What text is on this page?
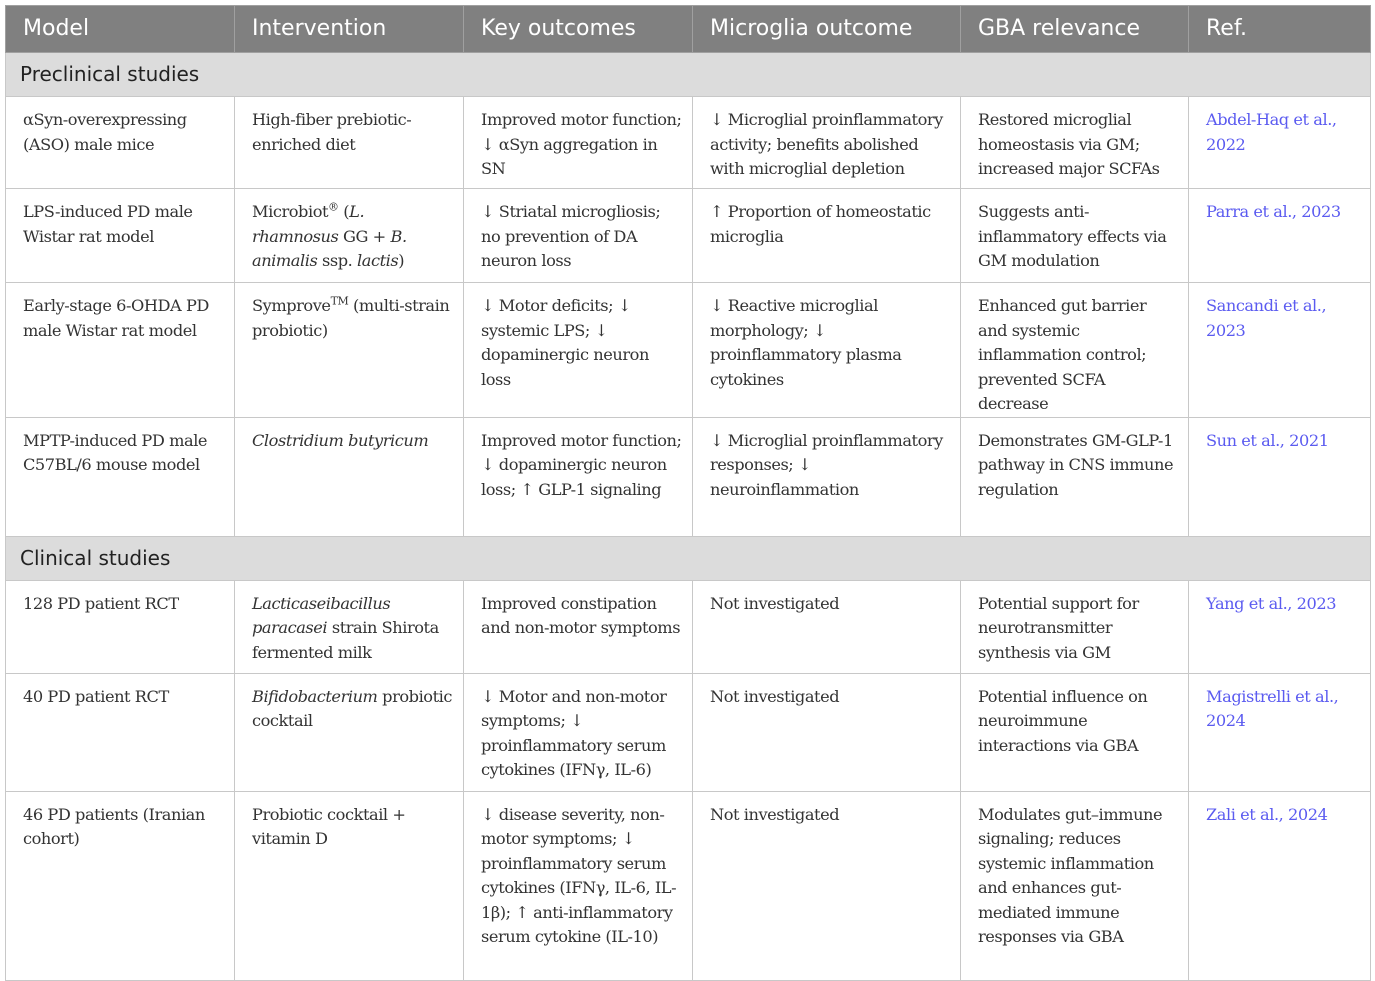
Model	Intervention	Key outcomes	Microglia outcome	GBA relevance	Ref.
Preclinical studies					
αSyn-overexpressing (ASO) male mice	High-fiber prebiotic-enriched diet	Improved motor function; ↓ αSyn aggregation in SN	↓ Microglial proinflammatory activity; benefits abolished with microglial depletion	Restored microglial homeostasis via GM; increased major SCFAs	Abdel-Haq et al., 2022
LPS-induced PD male Wistar rat model	Microbiot® (L. rhamnosus GG + B. animalis ssp. lactis)	↓ Striatal microgliosis; no prevention of DA neuron loss	↑ Proportion of homeostatic microglia	Suggests anti-inflammatory effects via GM modulation	Parra et al., 2023
Early-stage 6-OHDA PD male Wistar rat model	Symprove™ (multi-strain probiotic)	↓ Motor deficits; ↓ systemic LPS; ↓ dopaminergic neuron loss	↓ Reactive microglial morphology; ↓ proinflammatory plasma cytokines	Enhanced gut barrier and systemic inflammation control; prevented SCFA decrease	Sancandi et al., 2023
MPTP-induced PD male C57BL/6 mouse model	Clostridium butyricum	Improved motor function; ↓ dopaminergic neuron loss; ↑ GLP-1 signaling	↓ Microglial proinflammatory responses; ↓ neuroinflammation	Demonstrates GM-GLP-1 pathway in CNS immune regulation	Sun et al., 2021
Clinical studies					
128 PD patient RCT	Lacticaseibacillus paracasei strain Shirota fermented milk	Improved constipation and non-motor symptoms	Not investigated	Potential support for neurotransmitter synthesis via GM	Yang et al., 2023
40 PD patient RCT	Bifidobacterium probiotic cocktail	↓ Motor and non-motor symptoms; ↓ proinflammatory serum cytokines (IFNγ, IL-6)	Not investigated	Potential influence on neuroimmune interactions via GBA	Magistrelli et al., 2024
46 PD patients (Iranian cohort)	Probiotic cocktail + vitamin D	↓ disease severity, non-motor symptoms; ↓ proinflammatory serum cytokines (IFNγ, IL-6, IL-1β); ↑ anti-inflammatory serum cytokine (IL-10)	Not investigated	Modulates gut–immune signaling; reduces systemic inflammation and enhances gut-mediated immune responses via GBA	Zali et al., 2024
